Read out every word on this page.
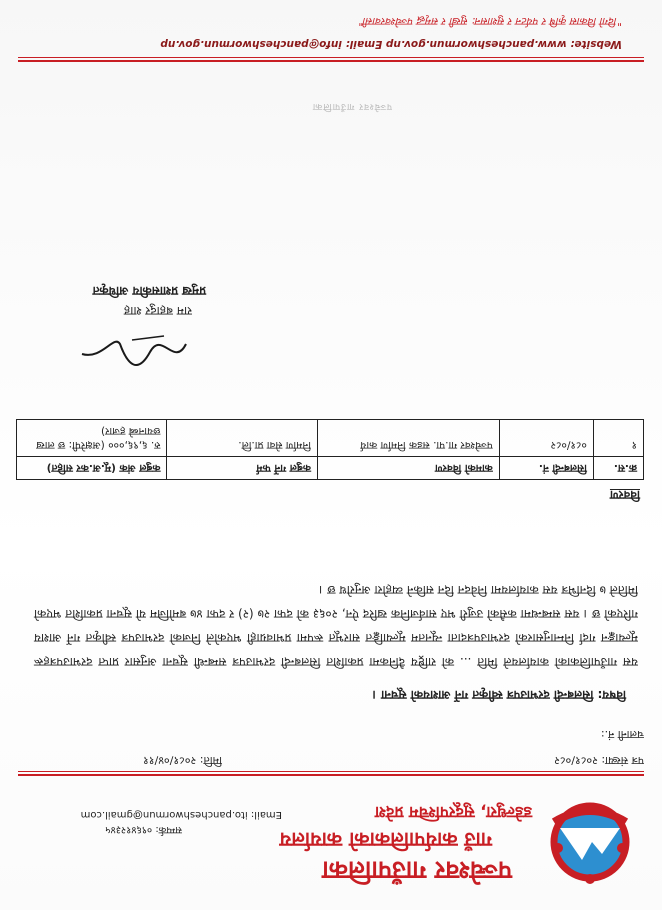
पञ्चेश्वर गाउँपालिका
गाउँ कार्यपालिकाको कार्यालय
डडेल्धुरा, सुदूरपश्चिम प्रदेश
सम्पर्क: ०९६४१२३४५
Email: ito.pancheshwormun@gmail.com
पत्र संख्या: २०८१/०८२
मिति: २०८१/०४/११
चलानी नं.:
विषय: सिलबन्दी दरभाउपत्र स्वीकृत गर्ने आशयको सूचना ।
यस गाउँपालिकाको कार्यालयले मिति ... को राष्ट्रिय दैनिकमा प्रकाशित सिलबन्दी दरभाउपत्र सम्बन्धी सूचना अनुसार प्राप्त दरभाउपत्रहरू मूल्याङ्कन गर्दा निम्नानुसारको दरभाउपत्रदाता न्यूनतम मूल्याङ्कित सारभूत रूपमा प्रभावग्राही भएकोले निजको दरभाउपत्र स्वीकृत गर्ने आशय गरिएको छ । यस सम्बन्धमा कसैको उजुरी भए सार्वजनिक खरिद ऐन, २०६३ को दफा २७ (२) र दफा ४७ बमोजिम यो सूचना प्रकाशित भएको मितिले ७ दिनभित्र यस कार्यालयमा निवेदन दिन सकिने व्यहोरा अनुरोध छ ।
विवरण
क्र.स.	सिलबन्दी नं.	कामको विवरण	कबुल गर्ने फर्म	कबुल अंक (मू.अ.कर सहित)
१	०८१/०८२	पञ्चेश्वर गा.पा. सडक निर्माण कार्य	निर्माण सेवा प्रा.लि.	रु. ६,९६,००० (अक्षरेपी: छ लाख छयानब्बे हजार)
राम बहादुर शाह
प्रमुख प्रशासकीय अधिकृत
पञ्चेश्वर गाउँपालिका
Website: www.pancheshwormun.gov.np Email: info@pancheshwormun.gov.np
"दिगो विकास कृषि र पर्यटन र सुशासन: सुखी र समृद्ध पञ्चेश्वरवासी"
